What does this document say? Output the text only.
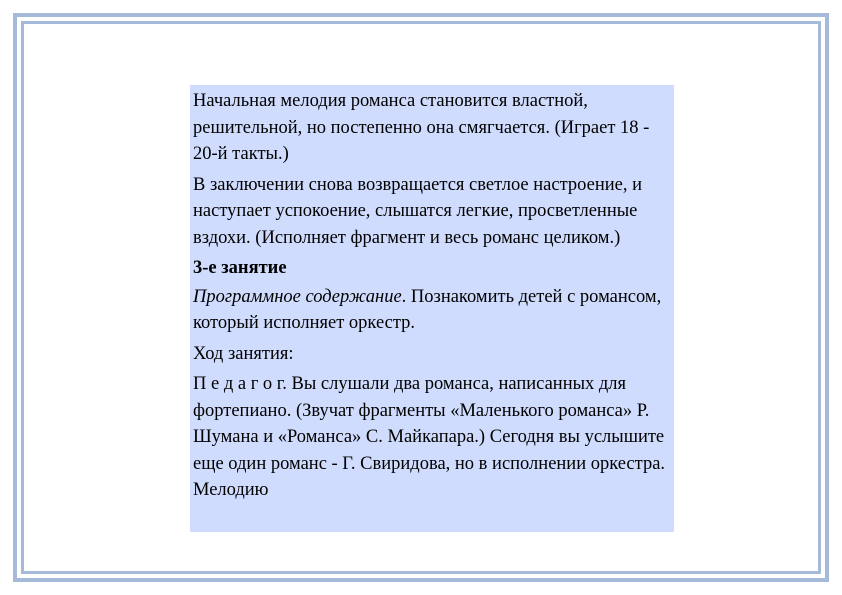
Начальная мелодия романса становится властной, решительной, но постепенно она смягчается. (Играет 18 - 20-й такты.)

В заключении снова возвращается светлое настроение, и наступает успокоение, слышатся легкие, просветленные вздохи. (Исполняет фрагмент и весь романс целиком.)

3-е занятие

Программное содержание. Познакомить детей с романсом, который исполняет оркестр.

Ход занятия:

П е д а г о г. Вы слушали два романса, написанных для фортепиано. (Звучат фрагменты «Маленького романса» Р. Шумана и «Романса» С. Майкапара.) Сегодня вы услышите еще один романс - Г. Свиридова, но в исполнении оркестра. Мелодию
